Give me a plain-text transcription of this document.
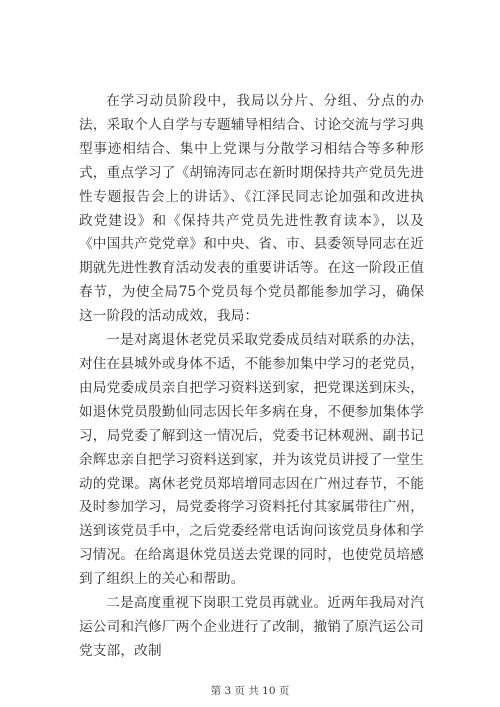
在学习动员阶段中，我局以分片、分组、分点的办法，采取个人自学与专题辅导相结合、讨论交流与学习典型事迹相结合、集中上党课与分散学习相结合等多种形式，重点学习了《胡锦涛同志在新时期保持共产党员先进性专题报告会上的讲话》、《江泽民同志论加强和改进执政党建设》和《保持共产党员先进性教育读本》，以及《中国共产党党章》和中央、省、市、县委领导同志在近期就先进性教育活动发表的重要讲话等。在这一阶段正值春节，为使全局75个党员每个党员都能参加学习，确保这一阶段的活动成效，我局：

一是对离退休老党员采取党委成员结对联系的办法，对住在县城外或身体不适，不能参加集中学习的老党员，由局党委成员亲自把学习资料送到家，把党课送到床头，如退休党员殷勤仙同志因长年多病在身，不便参加集体学习，局党委了解到这一情况后，党委书记林观洲、副书记余辉忠亲自把学习资料送到家，并为该党员讲授了一堂生动的党课。离休老党员郑培增同志因在广州过春节，不能及时参加学习，局党委将学习资料托付其家属带往广州，送到该党员手中，之后党委经常电话询问该党员身体和学习情况。在给离退休党员送去党课的同时，也使党员培感到了组织上的关心和帮助。

二是高度重视下岗职工党员再就业。近两年我局对汽运公司和汽修厂两个企业进行了改制，撤销了原汽运公司党支部，改制

第 3 页 共 10 页
